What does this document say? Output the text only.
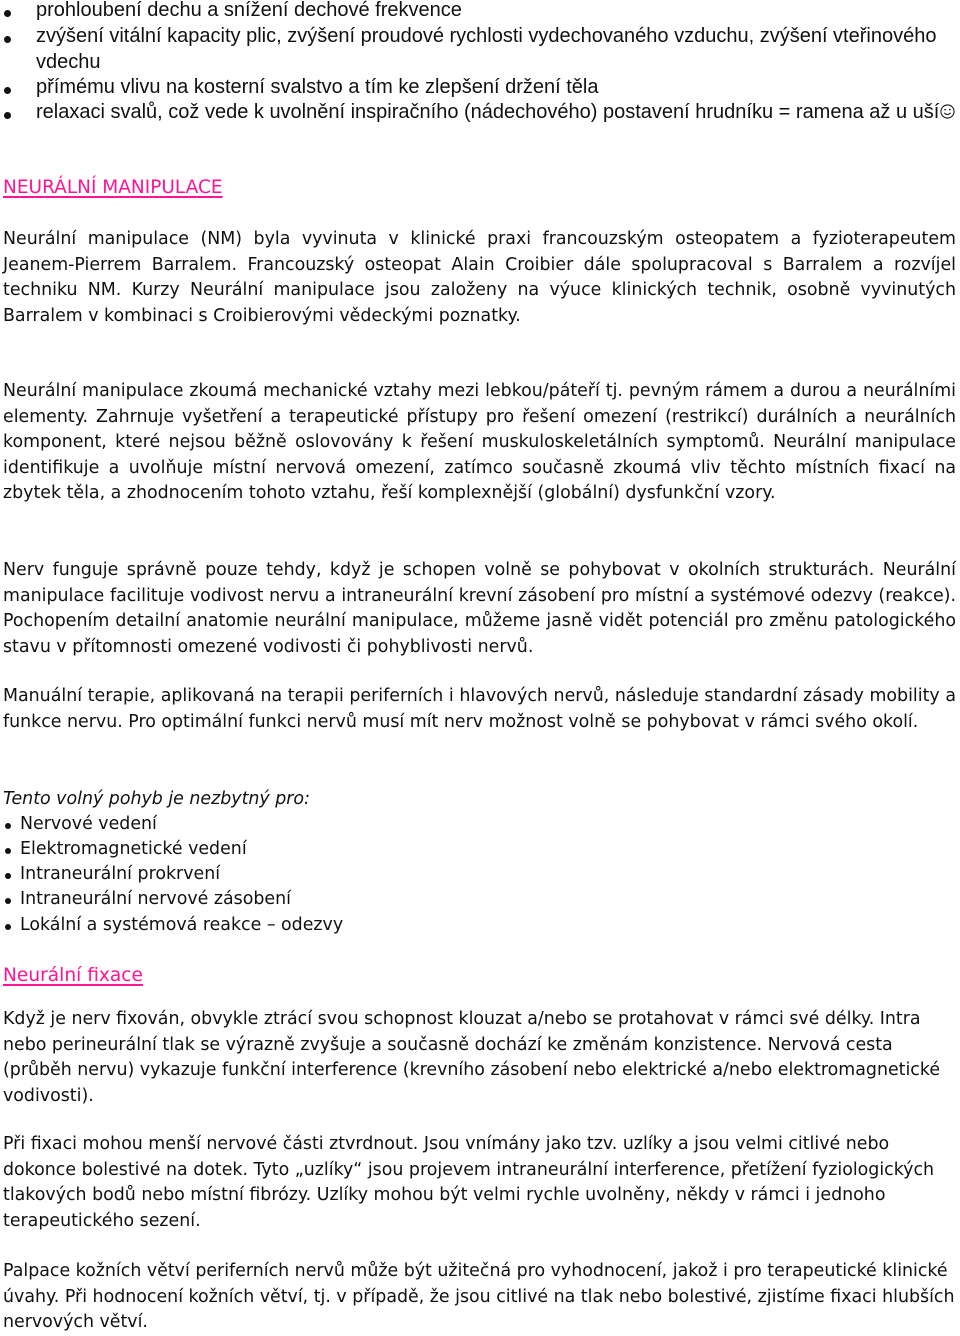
prohloubení dechu a snížení dechové frekvence
zvýšení vitální kapacity plic, zvýšení proudové rychlosti vydechovaného vzduchu, zvýšení vteřinového vdechu
přímému vlivu na kosterní svalstvo a tím ke zlepšení držení těla
relaxaci svalů, což vede k uvolnění inspiračního (nádechového) postavení hrudníku = ramena až u uší
NEURÁLNÍ MANIPULACE

Neurální manipulace (NM) byla vyvinuta v klinické praxi francouzským osteopatem a fyzioterapeutem Jeanem-Pierrem Barralem. Francouzský osteopat Alain Croibier dále spolupracoval s Barralem a rozvíjel techniku NM. Kurzy Neurální manipulace jsou založeny na výuce klinických technik, osobně vyvinutých Barralem v kombinaci s Croibierovými vědeckými poznatky.

Neurální manipulace zkoumá mechanické vztahy mezi lebkou/páteří tj. pevným rámem a durou a neurálními elementy. Zahrnuje vyšetření a terapeutické přístupy pro řešení omezení (restrikcí) durálních a neurálních komponent, které nejsou běžně oslovovány k řešení muskuloskeletálních symptomů. Neurální manipulace identifikuje a uvolňuje místní nervová omezení, zatímco současně zkoumá vliv těchto místních fixací na zbytek těla, a zhodnocením tohoto vztahu, řeší komplexnější (globální) dysfunkční vzory.

Nerv funguje správně pouze tehdy, když je schopen volně se pohybovat v okolních strukturách. Neurální manipulace facilituje vodivost nervu a intraneurální krevní zásobení pro místní a systémové odezvy (reakce). Pochopením detailní anatomie neurální manipulace, můžeme jasně vidět potenciál pro změnu patologického stavu v přítomnosti omezené vodivosti či pohyblivosti nervů.

Manuální terapie, aplikovaná na terapii periferních i hlavových nervů, následuje standardní zásady mobility a funkce nervu. Pro optimální funkci nervů musí mít nerv možnost volně se pohybovat v rámci svého okolí.

Tento volný pohyb je nezbytný pro:

Nervové vedení
Elektromagnetické vedení
Intraneurální prokrvení
Intraneurální nervové zásobení
Lokální a systémová reakce – odezvy
Neurální fixace

Když je nerv fixován, obvykle ztrácí svou schopnost klouzat a/nebo se protahovat v rámci své délky. Intra nebo perineurální tlak se výrazně zvyšuje a současně dochází ke změnám konzistence. Nervová cesta (průběh nervu) vykazuje funkční interference (krevního zásobení nebo elektrické a/nebo elektromagnetické vodivosti).

Při fixaci mohou menší nervové části ztvrdnout. Jsou vnímány jako tzv. uzlíky a jsou velmi citlivé nebo dokonce bolestivé na dotek. Tyto „uzlíky“ jsou projevem intraneurální interference, přetížení fyziologických tlakových bodů nebo místní fibrózy. Uzlíky mohou být velmi rychle uvolněny, někdy v rámci i jednoho terapeutického sezení.

Palpace kožních větví periferních nervů může být užitečná pro vyhodnocení, jakož i pro terapeutické klinické úvahy. Při hodnocení kožních větví, tj. v případě, že jsou citlivé na tlak nebo bolestivé, zjistíme fixaci hlubších nervových větví.
